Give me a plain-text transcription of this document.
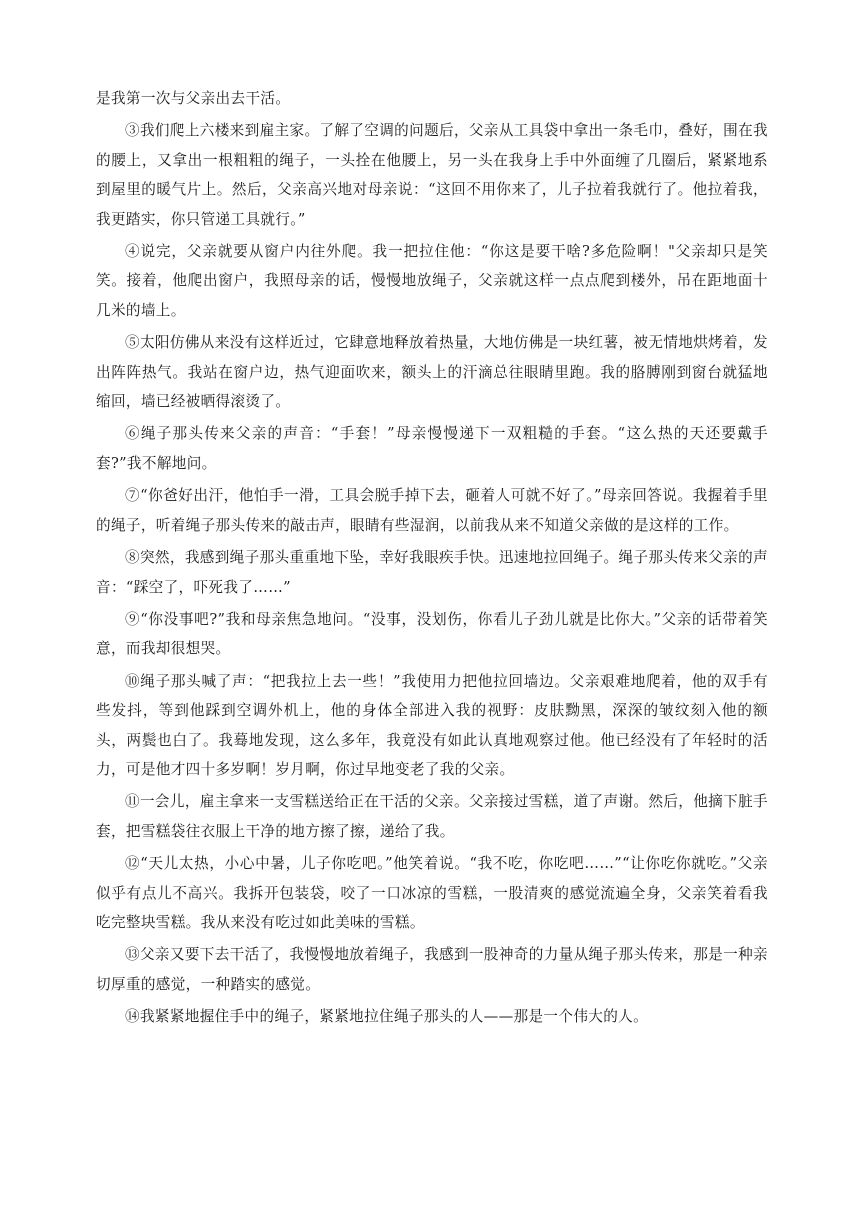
是我第一次与父亲出去干活。

③我们爬上六楼来到雇主家。了解了空调的问题后，父亲从工具袋中拿出一条毛巾，叠好，围在我的腰上，又拿出一根粗粗的绳子，一头拴在他腰上，另一头在我身上手中外面缠了几圈后，紧紧地系到屋里的暖气片上。然后，父亲高兴地对母亲说：“这回不用你来了，儿子拉着我就行了。他拉着我，我更踏实，你只管递工具就行。”

④说完，父亲就要从窗户内往外爬。我一把拉住他：“你这是要干啥?多危险啊！"父亲却只是笑笑。接着，他爬出窗户，我照母亲的话，慢慢地放绳子，父亲就这样一点点爬到楼外，吊在距地面十几米的墙上。

⑤太阳仿佛从来没有这样近过，它肆意地释放着热量，大地仿佛是一块红薯，被无情地烘烤着，发出阵阵热气。我站在窗户边，热气迎面吹来，额头上的汗滴总往眼睛里跑。我的胳膊刚到窗台就猛地缩回，墙已经被晒得滚烫了。

⑥绳子那头传来父亲的声音：“手套！”母亲慢慢递下一双粗糙的手套。“这么热的天还要戴手套?”我不解地问。

⑦“你爸好出汗，他怕手一滑，工具会脱手掉下去，砸着人可就不好了。”母亲回答说。我握着手里的绳子，听着绳子那头传来的敲击声，眼睛有些湿润，以前我从来不知道父亲做的是这样的工作。

⑧突然，我感到绳子那头重重地下坠，幸好我眼疾手快。迅速地拉回绳子。绳子那头传来父亲的声音：“踩空了，吓死我了……”

⑨“你没事吧?”我和母亲焦急地问。“没事，没划伤，你看儿子劲儿就是比你大。”父亲的话带着笑意，而我却很想哭。

⑩绳子那头喊了声：“把我拉上去一些！”我使用力把他拉回墙边。父亲艰难地爬着，他的双手有些发抖，等到他踩到空调外机上，他的身体全部进入我的视野：皮肤黝黑，深深的皱纹刻入他的额头，两鬓也白了。我蓦地发现，这么多年，我竟没有如此认真地观察过他。他已经没有了年轻时的活力，可是他才四十多岁啊！岁月啊，你过早地变老了我的父亲。

⑪一会儿，雇主拿来一支雪糕送给正在干活的父亲。父亲接过雪糕，道了声谢。然后，他摘下脏手套，把雪糕袋往衣服上干净的地方擦了擦，递给了我。

⑫“天儿太热，小心中暑，儿子你吃吧。”他笑着说。“我不吃，你吃吧……”“让你吃你就吃。”父亲似乎有点儿不高兴。我拆开包装袋，咬了一口冰凉的雪糕，一股清爽的感觉流遍全身，父亲笑着看我吃完整块雪糕。我从来没有吃过如此美味的雪糕。

⑬父亲又要下去干活了，我慢慢地放着绳子，我感到一股神奇的力量从绳子那头传来，那是一种亲切厚重的感觉，一种踏实的感觉。

⑭我紧紧地握住手中的绳子，紧紧地拉住绳子那头的人——那是一个伟大的人。
